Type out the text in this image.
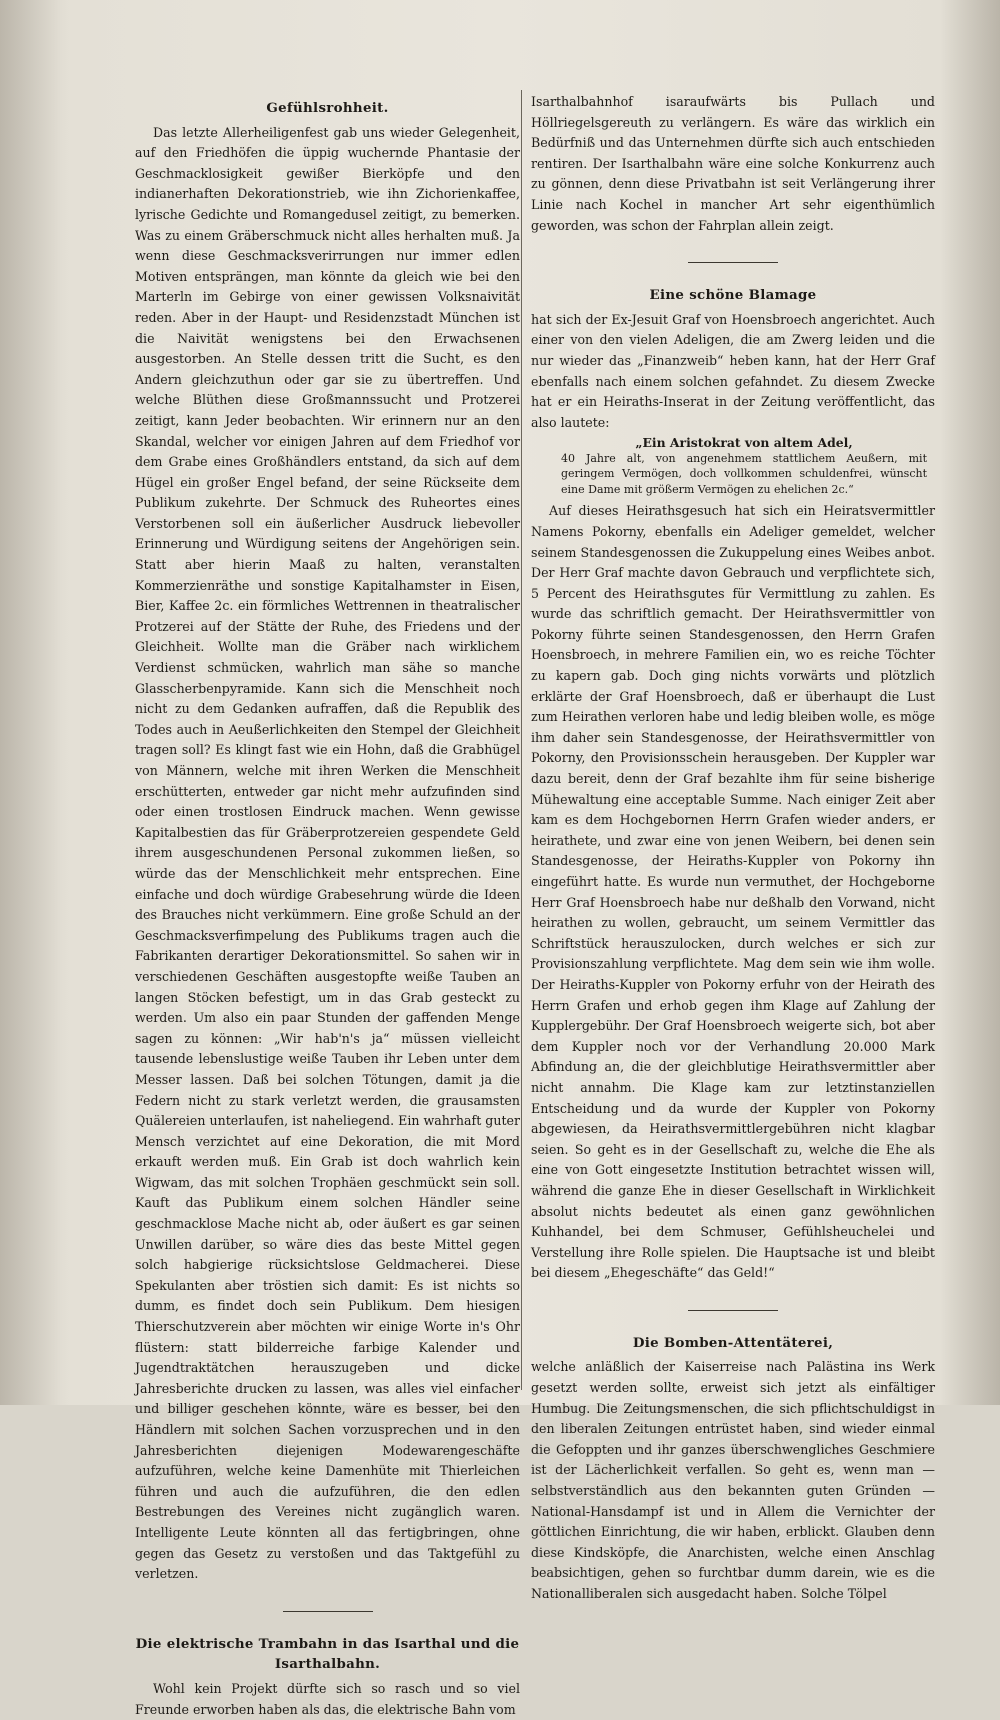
Gefühlsrohheit.

Das letzte Allerheiligenfest gab uns wieder Gelegenheit, auf den Friedhöfen die üppig wuchernde Phantasie der Geschmacklosigkeit gewißer Bierköpfe und den indianerhaften Dekorationstrieb, wie ihn Zichorienkaffee, lyrische Gedichte und Romangedusel zeitigt, zu bemerken. Was zu einem Gräberschmuck nicht alles herhalten muß. Ja wenn diese Geschmacksverirrungen nur immer edlen Motiven entsprängen, man könnte da gleich wie bei den Marterln im Gebirge von einer gewissen Volksnaivität reden. Aber in der Haupt- und Residenzstadt München ist die Naivität wenigstens bei den Erwachsenen ausgestorben. An Stelle dessen tritt die Sucht, es den Andern gleichzuthun oder gar sie zu übertreffen. Und welche Blüthen diese Großmannssucht und Protzerei zeitigt, kann Jeder beobachten. Wir erinnern nur an den Skandal, welcher vor einigen Jahren auf dem Friedhof vor dem Grabe eines Großhändlers entstand, da sich auf dem Hügel ein großer Engel befand, der seine Rückseite dem Publikum zukehrte. Der Schmuck des Ruheortes eines Verstorbenen soll ein äußerlicher Ausdruck liebevoller Erinnerung und Würdigung seitens der Angehörigen sein. Statt aber hierin Maaß zu halten, veranstalten Kommerzienräthe und sonstige Kapitalhamster in Eisen, Bier, Kaffee 2c. ein förmliches Wettrennen in theatralischer Protzerei auf der Stätte der Ruhe, des Friedens und der Gleichheit. Wollte man die Gräber nach wirklichem Verdienst schmücken, wahrlich man sähe so manche Glasscherbenpyramide. Kann sich die Menschheit noch nicht zu dem Gedanken aufraffen, daß die Republik des Todes auch in Aeußerlichkeiten den Stempel der Gleichheit tragen soll? Es klingt fast wie ein Hohn, daß die Grabhügel von Männern, welche mit ihren Werken die Menschheit erschütterten, entweder gar nicht mehr aufzufinden sind oder einen trostlosen Eindruck machen. Wenn gewisse Kapitalbestien das für Gräberprotzereien gespendete Geld ihrem ausgeschundenen Personal zukommen ließen, so würde das der Menschlichkeit mehr entsprechen. Eine einfache und doch würdige Grabesehrung würde die Ideen des Brauches nicht verkümmern. Eine große Schuld an der Geschmacksverfimpelung des Publikums tragen auch die Fabrikanten derartiger Dekorationsmittel. So sahen wir in verschiedenen Geschäften ausgestopfte weiße Tauben an langen Stöcken befestigt, um in das Grab gesteckt zu werden. Um also ein paar Stunden der gaffenden Menge sagen zu können: „Wir hab'n's ja“ müssen vielleicht tausende lebenslustige weiße Tauben ihr Leben unter dem Messer lassen. Daß bei solchen Tötungen, damit ja die Federn nicht zu stark verletzt werden, die grausamsten Quälereien unterlaufen, ist naheliegend. Ein wahrhaft guter Mensch verzichtet auf eine Dekoration, die mit Mord erkauft werden muß. Ein Grab ist doch wahrlich kein Wigwam, das mit solchen Trophäen geschmückt sein soll. Kauft das Publikum einem solchen Händler seine geschmacklose Mache nicht ab, oder äußert es gar seinen Unwillen darüber, so wäre dies das beste Mittel gegen solch habgierige rücksichtslose Geldmacherei. Diese Spekulanten aber tröstien sich damit: Es ist nichts so dumm, es findet doch sein Publikum. Dem hiesigen Thierschutzverein aber möchten wir einige Worte in's Ohr flüstern: statt bilderreiche farbige Kalender und Jugendtraktätchen herauszugeben und dicke Jahresberichte drucken zu lassen, was alles viel einfacher und billiger geschehen könnte, wäre es besser, bei den Händlern mit solchen Sachen vorzusprechen und in den Jahresberichten diejenigen Modewarengeschäfte aufzuführen, welche keine Damenhüte mit Thierleichen führen und auch die aufzuführen, die den edlen Bestrebungen des Vereines nicht zugänglich waren. Intelligente Leute könnten all das fertigbringen, ohne gegen das Gesetz zu verstoßen und das Taktgefühl zu verletzen.

Die elektrische Trambahn in das Isarthal und die Isarthalbahn.

Wohl kein Projekt dürfte sich so rasch und so viel Freunde erworben haben als das, die elektrische Bahn vom

Isarthalbahnhof isaraufwärts bis Pullach und Höllriegelsgereuth zu verlängern. Es wäre das wirklich ein Bedürfniß und das Unternehmen dürfte sich auch entschieden rentiren. Der Isarthalbahn wäre eine solche Konkurrenz auch zu gönnen, denn diese Privatbahn ist seit Verlängerung ihrer Linie nach Kochel in mancher Art sehr eigenthümlich geworden, was schon der Fahrplan allein zeigt.

Eine schöne Blamage

hat sich der Ex-Jesuit Graf von Hoensbroech angerichtet. Auch einer von den vielen Adeligen, die am Zwerg leiden und die nur wieder das „Finanzweib“ heben kann, hat der Herr Graf ebenfalls nach einem solchen gefahndet. Zu diesem Zwecke hat er ein Heiraths-Inserat in der Zeitung veröffentlicht, das also lautete:

„Ein Aristokrat von altem Adel,
40 Jahre alt, von angenehmem stattlichem Aeußern, mit geringem Vermögen, doch vollkommen schuldenfrei, wünscht eine Dame mit größerm Vermögen zu ehelichen 2c.“

Auf dieses Heirathsgesuch hat sich ein Heiratsvermittler Namens Pokorny, ebenfalls ein Adeliger gemeldet, welcher seinem Standesgenossen die Zukuppelung eines Weibes anbot. Der Herr Graf machte davon Gebrauch und verpflichtete sich, 5 Percent des Heirathsgutes für Vermittlung zu zahlen. Es wurde das schriftlich gemacht. Der Heirathsvermittler von Pokorny führte seinen Standesgenossen, den Herrn Grafen Hoensbroech, in mehrere Familien ein, wo es reiche Töchter zu kapern gab. Doch ging nichts vorwärts und plötzlich erklärte der Graf Hoensbroech, daß er überhaupt die Lust zum Heirathen verloren habe und ledig bleiben wolle, es möge ihm daher sein Standesgenosse, der Heirathsvermittler von Pokorny, den Provisionsschein herausgeben. Der Kuppler war dazu bereit, denn der Graf bezahlte ihm für seine bisherige Mühewaltung eine acceptable Summe. Nach einiger Zeit aber kam es dem Hochgebornen Herrn Grafen wieder anders, er heirathete, und zwar eine von jenen Weibern, bei denen sein Standesgenosse, der Heiraths-Kuppler von Pokorny ihn eingeführt hatte. Es wurde nun vermuthet, der Hochgeborne Herr Graf Hoensbroech habe nur deßhalb den Vorwand, nicht heirathen zu wollen, gebraucht, um seinem Vermittler das Schriftstück herauszulocken, durch welches er sich zur Provisionszahlung verpflichtete. Mag dem sein wie ihm wolle. Der Heiraths-Kuppler von Pokorny erfuhr von der Heirath des Herrn Grafen und erhob gegen ihm Klage auf Zahlung der Kupplergebühr. Der Graf Hoensbroech weigerte sich, bot aber dem Kuppler noch vor der Verhandlung 20.000 Mark Abfindung an, die der gleichblutige Heirathsvermittler aber nicht annahm. Die Klage kam zur letztinstanziellen Entscheidung und da wurde der Kuppler von Pokorny abgewiesen, da Heirathsvermittlergebühren nicht klagbar seien. So geht es in der Gesellschaft zu, welche die Ehe als eine von Gott eingesetzte Institution betrachtet wissen will, während die ganze Ehe in dieser Gesellschaft in Wirklichkeit absolut nichts bedeutet als einen ganz gewöhnlichen Kuhhandel, bei dem Schmuser, Gefühlsheuchelei und Verstellung ihre Rolle spielen. Die Hauptsache ist und bleibt bei diesem „Ehegeschäfte“ das Geld!“

Die Bomben-Attentäterei,

welche anläßlich der Kaiserreise nach Palästina ins Werk gesetzt werden sollte, erweist sich jetzt als einfältiger Humbug. Die Zeitungsmenschen, die sich pflichtschuldigst in den liberalen Zeitungen entrüstet haben, sind wieder einmal die Gefoppten und ihr ganzes überschwengliches Geschmiere ist der Lächerlichkeit verfallen. So geht es, wenn man — selbstverständlich aus den bekannten guten Gründen — National-Hansdampf ist und in Allem die Vernichter der göttlichen Einrichtung, die wir haben, erblickt. Glauben denn diese Kindsköpfe, die Anarchisten, welche einen Anschlag beabsichtigen, gehen so furchtbar dumm darein, wie es die Nationalliberalen sich ausgedacht haben. Solche Tölpel
